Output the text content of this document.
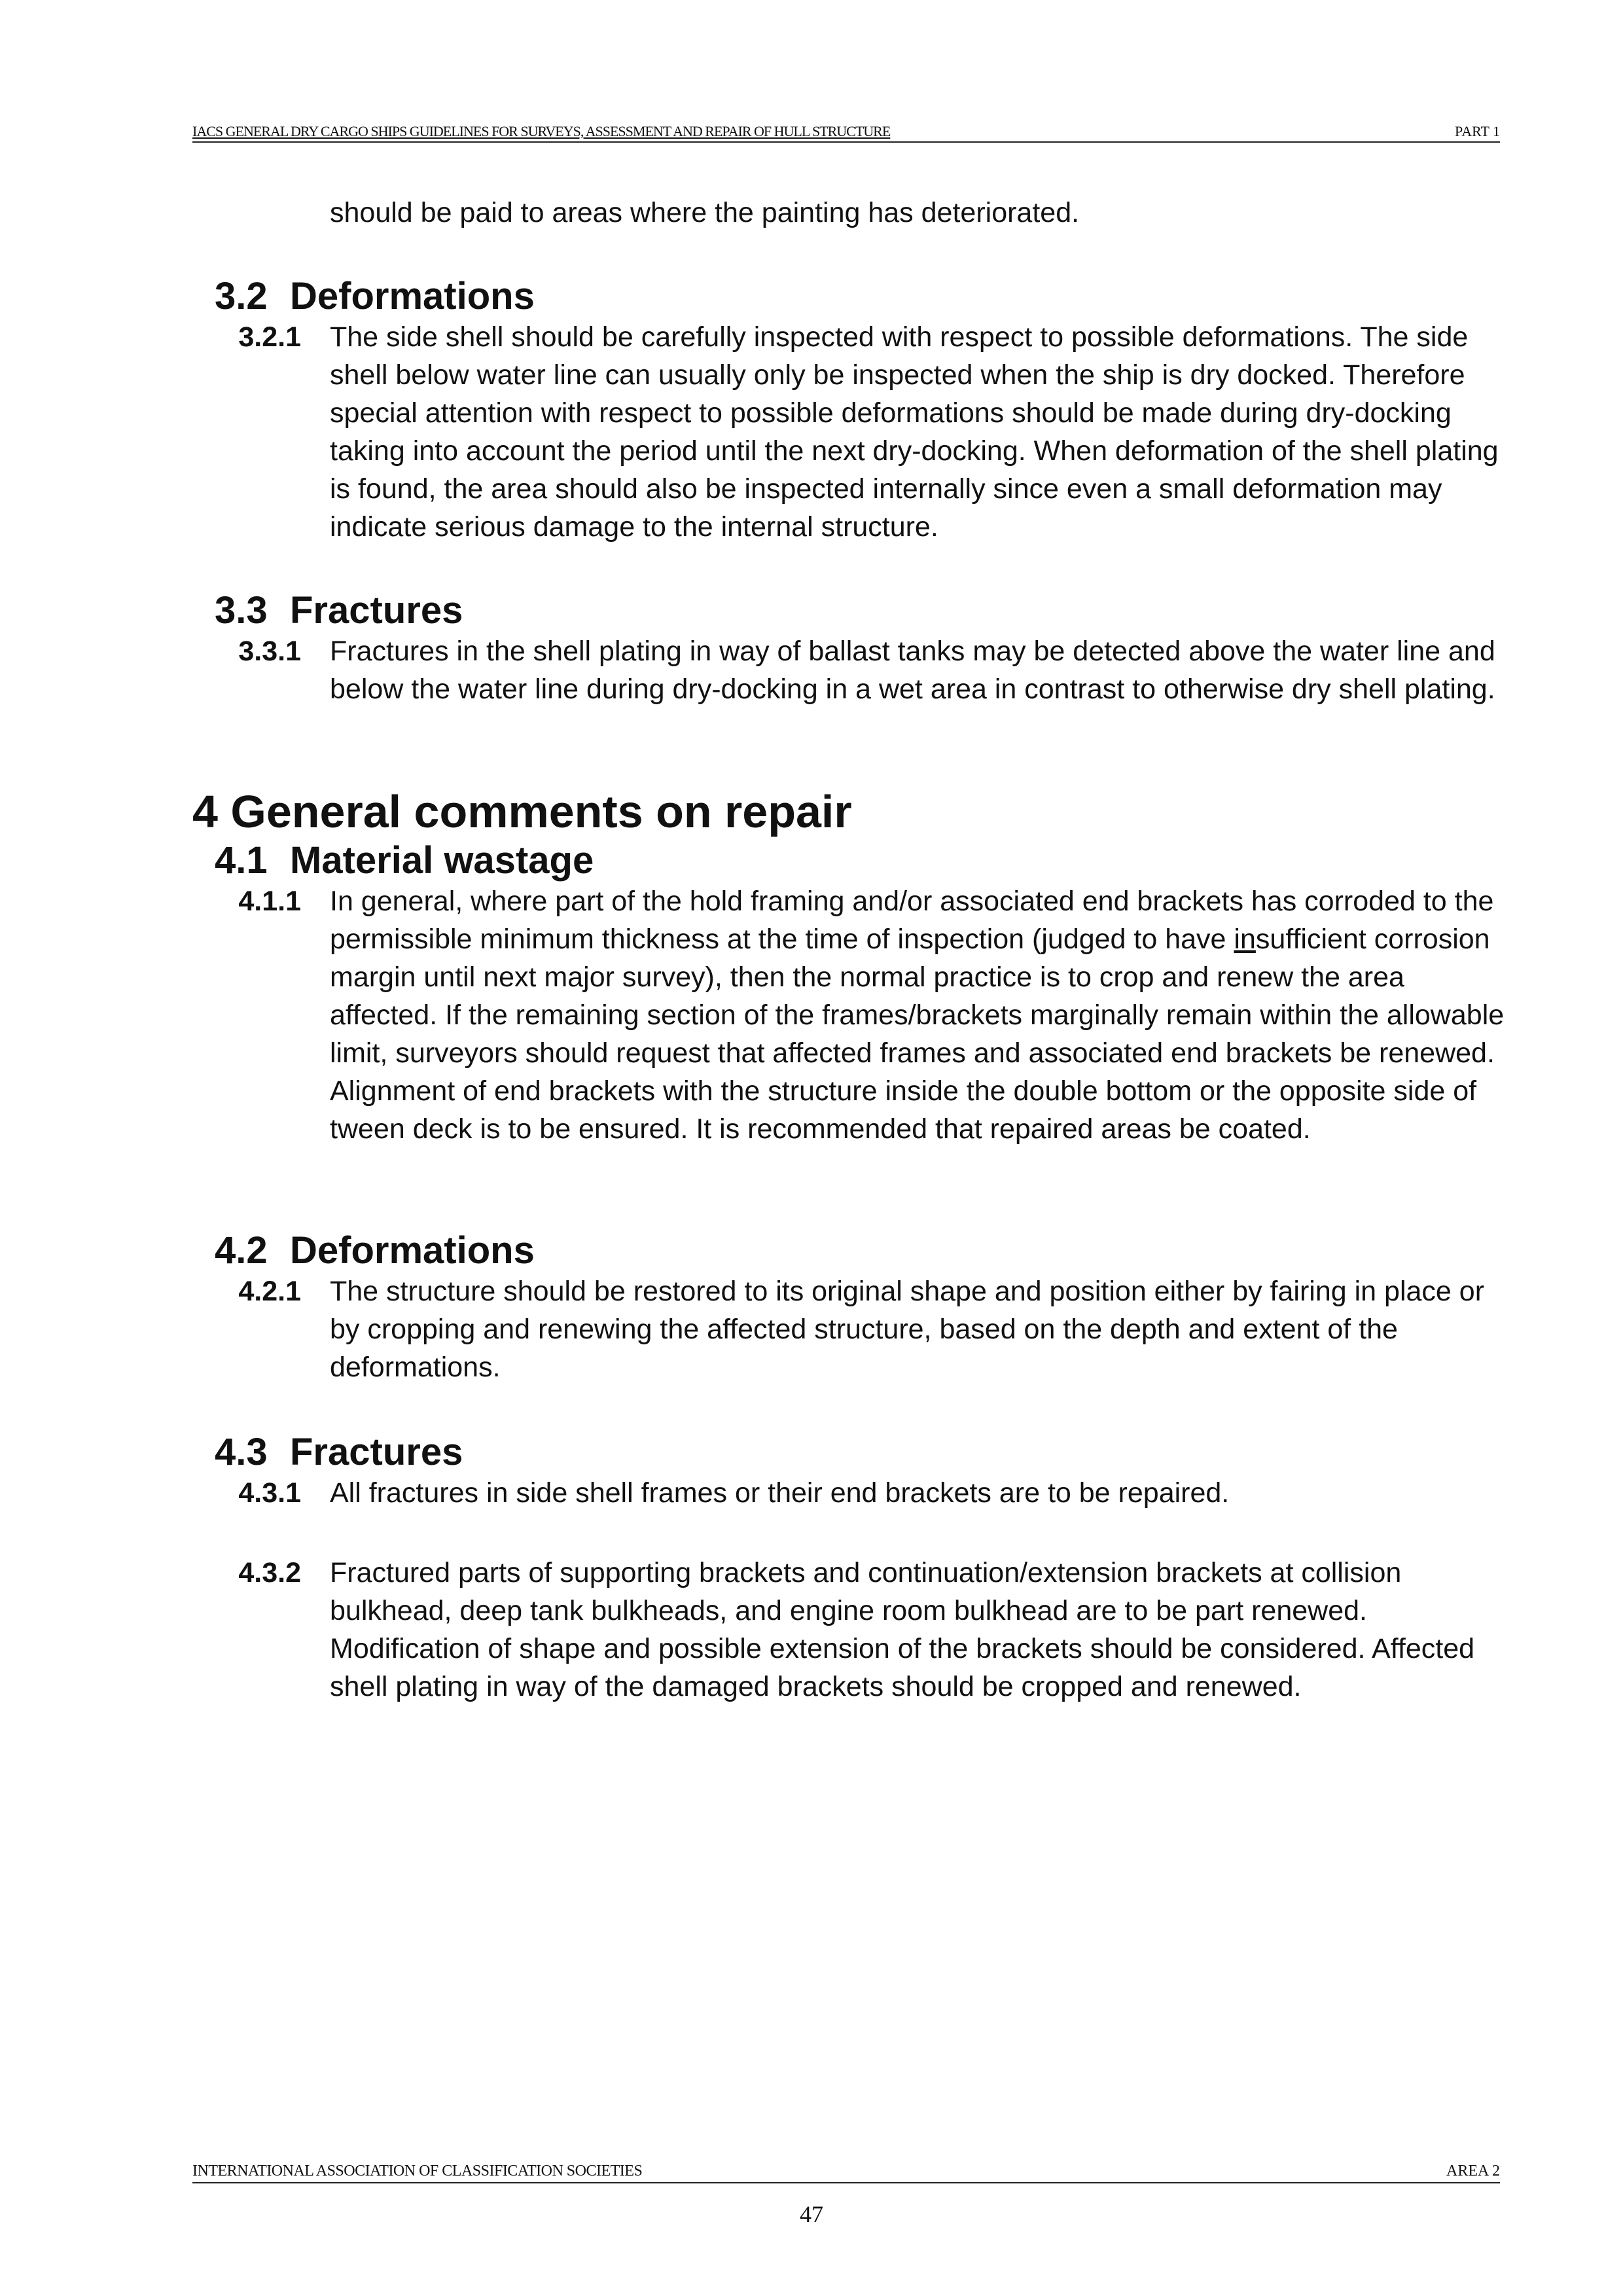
IACS GENERAL DRY CARGO SHIPS GUIDELINES FOR SURVEYS, ASSESSMENT AND REPAIR OF HULL STRUCTURE	PART 1
should be paid to areas where the painting has deteriorated.
3.2 Deformations
3.2.1 The side shell should be carefully inspected with respect to possible deformations. The side shell below water line can usually only be inspected when the ship is dry docked. Therefore special attention with respect to possible deformations should be made during dry-docking taking into account the period until the next dry-docking. When deformation of the shell plating is found, the area should also be inspected internally since even a small deformation may indicate serious damage to the internal structure.
3.3 Fractures
3.3.1 Fractures in the shell plating in way of ballast tanks may be detected above the water line and below the water line during dry-docking in a wet area in contrast to otherwise dry shell plating.
4 General comments on repair
4.1 Material wastage
4.1.1 In general, where part of the hold framing and/or associated end brackets has corroded to the permissible minimum thickness at the time of inspection (judged to have insufficient corrosion margin until next major survey), then the normal practice is to crop and renew the area affected. If the remaining section of the frames/brackets marginally remain within the allowable limit, surveyors should request that affected frames and associated end brackets be renewed. Alignment of end brackets with the structure inside the double bottom or the opposite side of tween deck is to be ensured. It is recommended that repaired areas be coated.
4.2 Deformations
4.2.1 The structure should be restored to its original shape and position either by fairing in place or by cropping and renewing the affected structure, based on the depth and extent of the deformations.
4.3 Fractures
4.3.1 All fractures in side shell frames or their end brackets are to be repaired.
4.3.2 Fractured parts of supporting brackets and continuation/extension brackets at collision bulkhead, deep tank bulkheads, and engine room bulkhead are to be part renewed. Modification of shape and possible extension of the brackets should be considered. Affected shell plating in way of the damaged brackets should be cropped and renewed.
INTERNATIONAL ASSOCIATION OF CLASSIFICATION SOCIETIES	AREA 2
47
